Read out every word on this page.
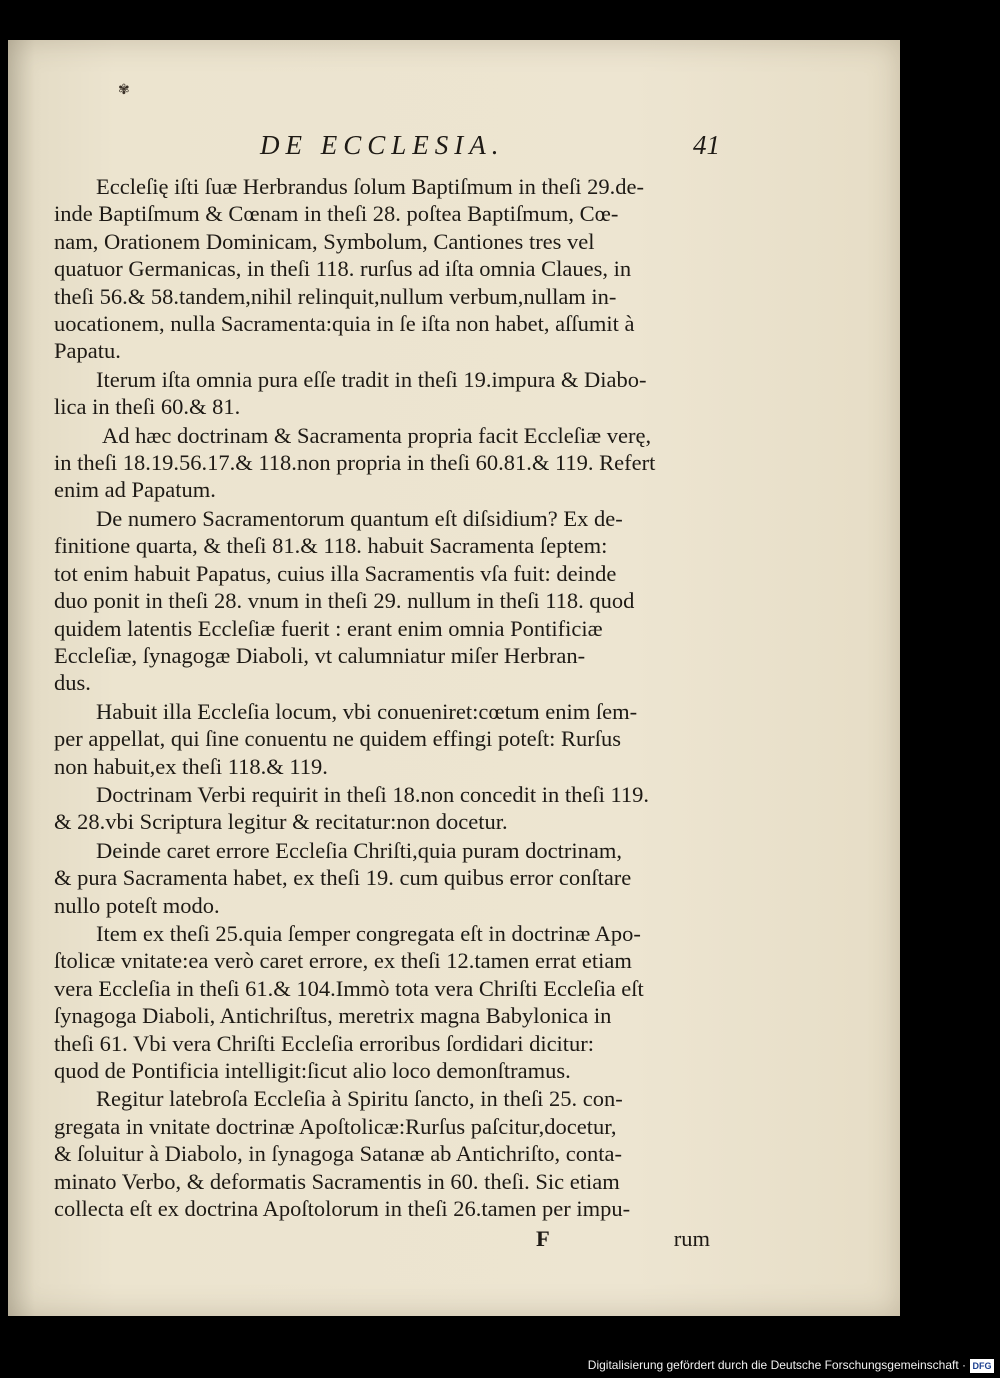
✾
DE ECCLESIA.	41
Eccleſię iſti ſuæ Herbrandus ſolum Baptiſmum in theſi 29.de-
inde Baptiſmum & Cœnam in theſi 28. poſtea Baptiſmum, Cœ-
nam, Orationem Dominicam, Symbolum, Cantiones tres vel
quatuor Germanicas, in theſi 118. rurſus ad iſta omnia Claues, in
theſi 56.& 58.tandem,nihil relinquit,nullum verbum,nullam in-
uocationem, nulla Sacramenta:quia in ſe iſta non habet, aſſumit à
Papatu.
Iterum iſta omnia pura eſſe tradit in theſi 19.impura & Diabo-
lica in theſi 60.& 81.
Ad hæc doctrinam & Sacramenta propria facit Eccleſiæ verę,
in theſi 18.19.56.17.& 118.non propria in theſi 60.81.& 119. Refert
enim ad Papatum.
De numero Sacramentorum quantum eſt diſsidium? Ex de-
finitione quarta, & theſi 81.& 118. habuit Sacramenta ſeptem:
tot enim habuit Papatus, cuius illa Sacramentis vſa fuit: deinde
duo ponit in theſi 28. vnum in theſi 29. nullum in theſi 118. quod
quidem latentis Eccleſiæ fuerit : erant enim omnia Pontificiæ
Eccleſiæ, ſynagogæ Diaboli, vt calumniatur miſer Herbran-
dus.
Habuit illa Eccleſia locum, vbi conueniret:cœtum enim ſem-
per appellat, qui ſine conuentu ne quidem effingi poteſt: Rurſus
non habuit,ex theſi 118.& 119.
Doctrinam Verbi requirit in theſi 18.non concedit in theſi 119.
& 28.vbi Scriptura legitur & recitatur:non docetur.
Deinde caret errore Eccleſia Chriſti,quia puram doctrinam,
& pura Sacramenta habet, ex theſi 19. cum quibus error conſtare
nullo poteſt modo.
Item ex theſi 25.quia ſemper congregata eſt in doctrinæ Apo-
ſtolicæ vnitate:ea verò caret errore, ex theſi 12.tamen errat etiam
vera Eccleſia in theſi 61.& 104.Immò tota vera Chriſti Eccleſia eſt
ſynagoga Diaboli, Antichriſtus, meretrix magna Babylonica in
theſi 61. Vbi vera Chriſti Eccleſia erroribus ſordidari dicitur:
quod de Pontificia intelligit:ſicut alio loco demonſtramus.
Regitur latebroſa Eccleſia à Spiritu ſancto, in theſi 25. con-
gregata in vnitate doctrinæ Apoſtolicæ:Rurſus paſcitur,docetur,
& ſoluitur à Diabolo, in ſynagoga Satanæ ab Antichriſto, conta-
minato Verbo, & deformatis Sacramentis in 60. theſi. Sic etiam
collecta eſt ex doctrina Apoſtolorum in theſi 26.tamen per impu-
F	rum
Digitalisierung gefördert durch die Deutsche Forschungsgemeinschaft · DFG
